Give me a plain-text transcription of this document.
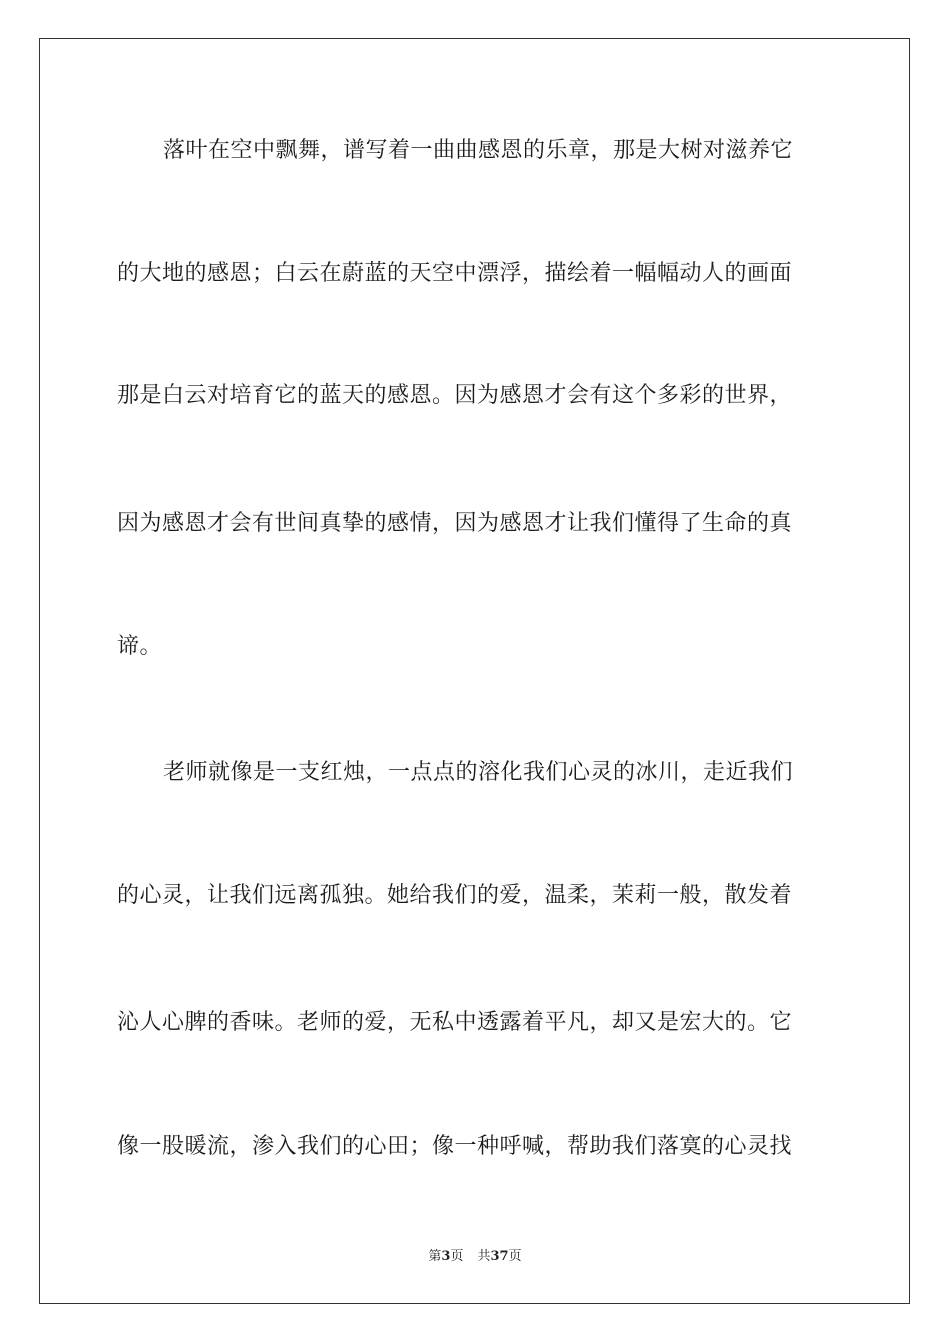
落叶在空中飘舞，谱写着一曲曲感恩的乐章，那是大树对滋养它
的大地的感恩；白云在蔚蓝的天空中漂浮，描绘着一幅幅动人的画面
那是白云对培育它的蓝天的感恩。因为感恩才会有这个多彩的世界，
因为感恩才会有世间真挚的感情，因为感恩才让我们懂得了生命的真
谛。
老师就像是一支红烛，一点点的溶化我们心灵的冰川，走近我们
的心灵，让我们远离孤独。她给我们的爱，温柔，茉莉一般，散发着
沁人心脾的香味。老师的爱，无私中透露着平凡，却又是宏大的。它
像一股暖流，渗入我们的心田；像一种呼喊，帮助我们落寞的心灵找
第3页 共37页
